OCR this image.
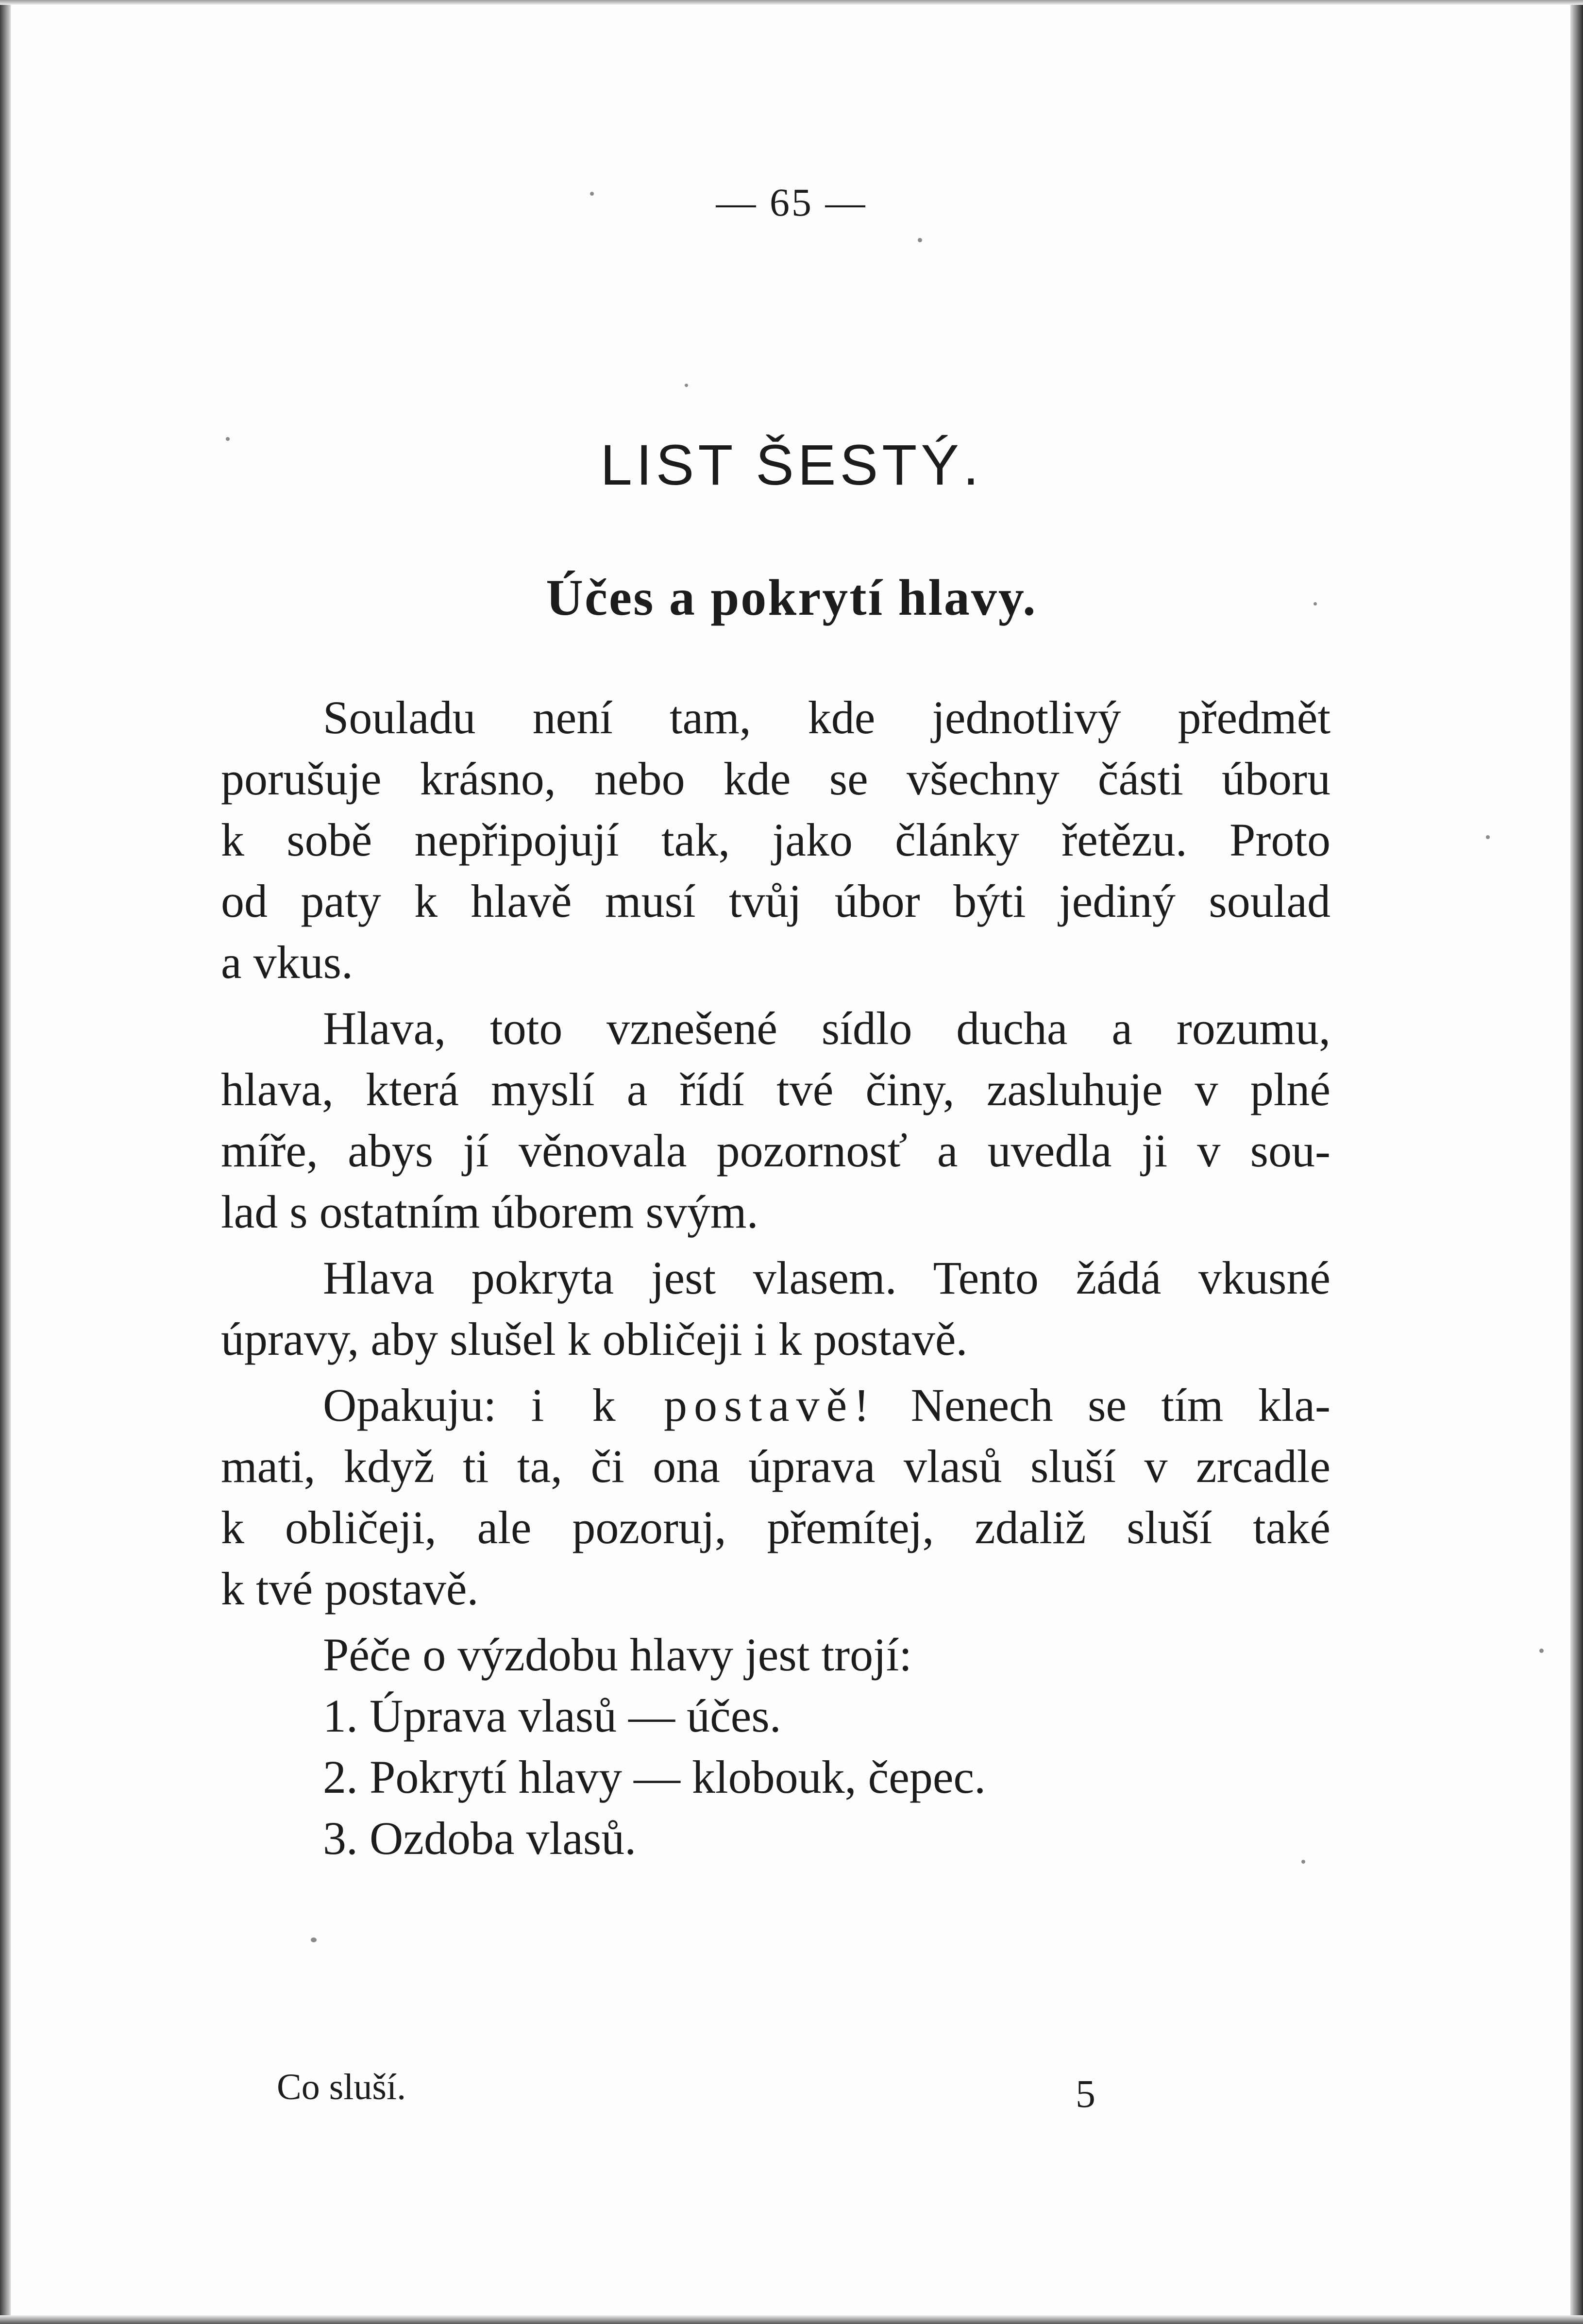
— 65 —
LIST ŠESTÝ.
Účes a pokrytí hlavy.

Souladu není tam, kde jednotlivý předmět
porušuje krásno, nebo kde se všechny části úboru
k sobě nepřipojují tak, jako články řetězu. Proto
od paty k hlavě musí tvůj úbor býti jediný soulad
a vkus.

Hlava, toto vznešené sídlo ducha a rozumu,
hlava, která myslí a řídí tvé činy, zasluhuje v plné
míře, abys jí věnovala pozornosť a uvedla ji v sou-
lad s ostatním úborem svým.

Hlava pokryta jest vlasem. Tento žádá vkusné
úpravy, aby slušel k obličeji i k postavě.

Opakuju: i k postavě! Nenech se tím kla-
mati, když ti ta, či ona úprava vlasů sluší v zrcadle
k obličeji, ale pozoruj, přemítej, zdaliž sluší také
k tvé postavě.

Péče o výzdobu hlavy jest trojí:

1. Úprava vlasů — účes.
2. Pokrytí hlavy — klobouk, čepec.
3. Ozdoba vlasů.
Co sluší.	5
